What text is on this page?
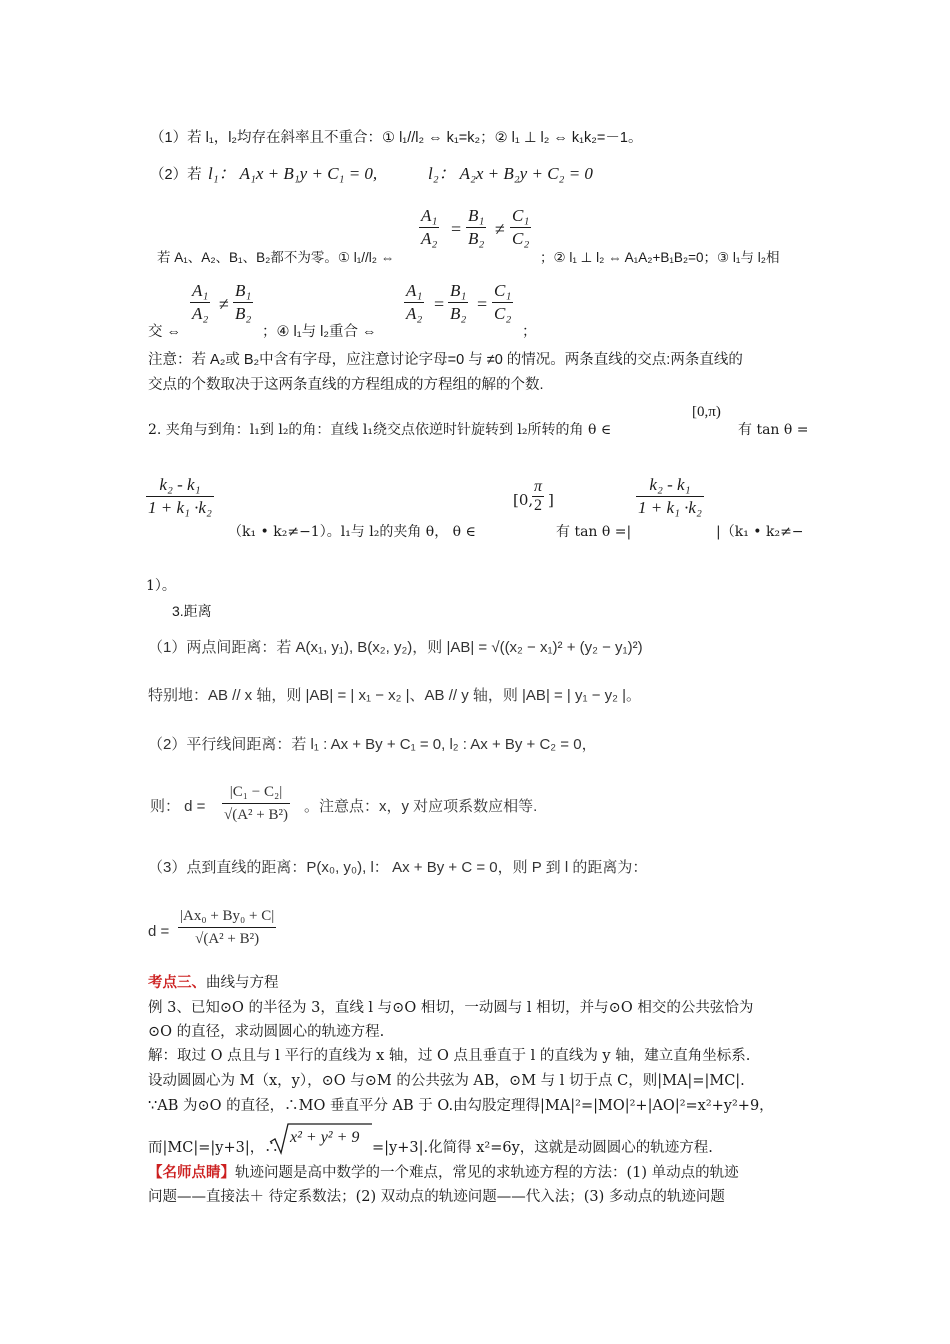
（1）若 l₁，l₂均存在斜率且不重合：① l₁//l₂ ⇔ k₁=k₂；② l₁ ⊥ l₂ ⇔ k₁k₂=－1。
（2）若 l₁： A₁x + B₁y + C₁ = 0,	l₂： A₂x + B₂y + C₂ = 0
A₁
A₂ =
B₁
B₂ ≠
C₁
C₂
若 A₁、A₂、B₁、B₂都不为零。① l₁//l₂ ⇔	；② l₁ ⊥ l₂ ⇔ A₁A₂+B₁B₂=0；③ l₁与 l₂相
交 ⇔
A₁
A₂ ≠
B₁
B₂
；④ l₁与 l₂重合 ⇔
A₁
A₂ =
B₁
B₂ =
C₁
C₂
；
注意：若 A₂或 B₂中含有字母，应注意讨论字母=0 与 ≠0 的情况。两条直线的交点:两条直线的
交点的个数取决于这两条直线的方程组成的方程组的解的个数.
[0,π)
2. 夹角与到角：l₁到 l₂的角：直线 l₁绕交点依逆时针旋转到 l₂所转的角 θ ∈	有 tan θ =
k₂ - k₁
1 + k₁ ·k₂
（k₁ • k₂≠−1）。l₁与 l₂的夹角 θ， θ ∈
[0,
π
2 ]
有 tan θ =|
k₂ - k₁
1 + k₁ ·k₂
|（k₁ • k₂≠−
1）。
3.距离
（1）两点间距离：若 A(x₁, y₁), B(x₂, y₂)，则 |AB| = √((x₂ − x₁)² + (y₂ − y₁)²)
特别地：AB // x 轴，则 |AB| = | x₁ − x₂ |、AB // y 轴，则 |AB| = | y₁ − y₂ |。
（2）平行线间距离：若 l₁ : Ax + By + C₁ = 0, l₂ : Ax + By + C₂ = 0，
则： d =
|C₁ − C₂|
√(A² + B²) 。注意点：x，y 对应项系数应相等.
（3）点到直线的距离：P(x₀, y₀), l： Ax + By + C = 0，则 P 到 l 的距离为：
d =
|Ax₀ + By₀ + C|
√(A² + B²)
考点三、曲线与方程
例 3、已知⊙O 的半径为 3，直线 l 与⊙O 相切，一动圆与 l 相切，并与⊙O 相交的公共弦恰为
⊙O 的直径，求动圆圆心的轨迹方程.
解：取过 O 点且与 l 平行的直线为 x 轴，过 O 点且垂直于 l 的直线为 y 轴，建立直角坐标系.
设动圆圆心为 M（x，y），⊙O 与⊙M 的公共弦为 AB，⊙M 与 l 切于点 C，则|MA|=|MC|.
∵AB 为⊙O 的直径，∴MO 垂直平分 AB 于 O.由勾股定理得|MA|²=|MO|²+|AO|²=x²+y²+9，
而|MC|=|y+3|，∴
x² + y² + 9
=|y+3|.化简得 x²=6y，这就是动圆圆心的轨迹方程.
【名师点睛】轨迹问题是高中数学的一个难点，常见的求轨迹方程的方法：(1) 单动点的轨迹
问题——直接法＋ 待定系数法；(2) 双动点的轨迹问题——代入法；(3) 多动点的轨迹问题
